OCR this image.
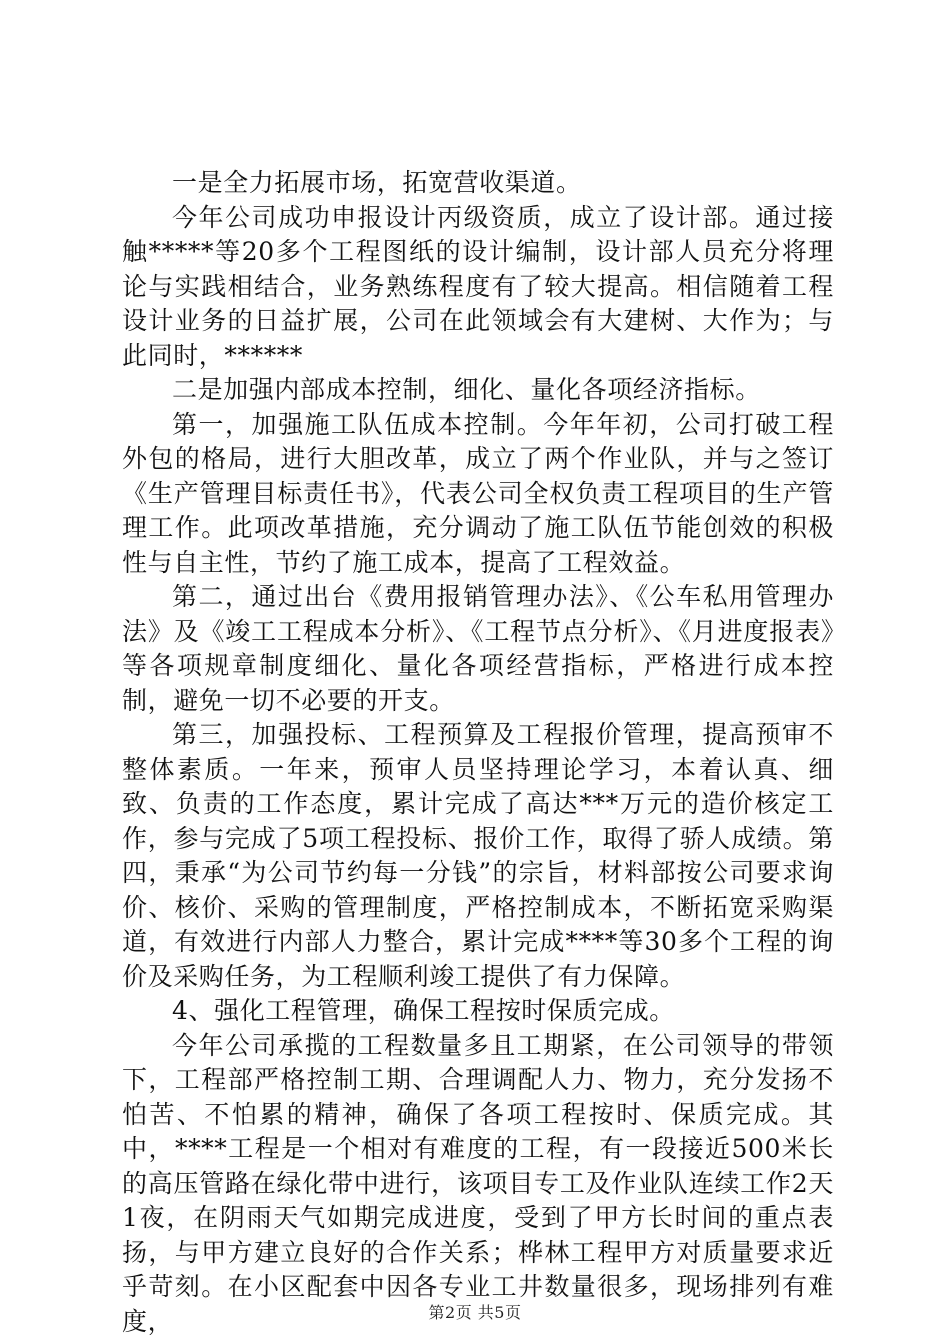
一是全力拓展市场，拓宽营收渠道。

今年公司成功申报设计丙级资质，成立了设计部。通过接触*****等20多个工程图纸的设计编制，设计部人员充分将理论与实践相结合，业务熟练程度有了较大提高。相信随着工程设计业务的日益扩展，公司在此领域会有大建树、大作为；与此同时，******

二是加强内部成本控制，细化、量化各项经济指标。

第一，加强施工队伍成本控制。今年年初，公司打破工程外包的格局，进行大胆改革，成立了两个作业队，并与之签订《生产管理目标责任书》，代表公司全权负责工程项目的生产管理工作。此项改革措施，充分调动了施工队伍节能创效的积极性与自主性，节约了施工成本，提高了工程效益。

第二，通过出台《费用报销管理办法》、《公车私用管理办法》及《竣工工程成本分析》、《工程节点分析》、《月进度报表》等各项规章制度细化、量化各项经营指标，严格进行成本控制，避免一切不必要的开支。

第三，加强投标、工程预算及工程报价管理，提高预审不整体素质。一年来，预审人员坚持理论学习，本着认真、细致、负责的工作态度，累计完成了高达***万元的造价核定工作，参与完成了5项工程投标、报价工作，取得了骄人成绩。第四，秉承“为公司节约每一分钱”的宗旨，材料部按公司要求询价、核价、采购的管理制度，严格控制成本，不断拓宽采购渠道，有效进行内部人力整合，累计完成****等30多个工程的询价及采购任务，为工程顺利竣工提供了有力保障。

4、强化工程管理，确保工程按时保质完成。

今年公司承揽的工程数量多且工期紧，在公司领导的带领下，工程部严格控制工期、合理调配人力、物力，充分发扬不怕苦、不怕累的精神，确保了各项工程按时、保质完成。其中，****工程是一个相对有难度的工程，有一段接近500米长的高压管路在绿化带中进行，该项目专工及作业队连续工作2天1夜，在阴雨天气如期完成进度，受到了甲方长时间的重点表扬，与甲方建立良好的合作关系；桦林工程甲方对质量要求近乎苛刻。在小区配套中因各专业工井数量很多，现场排列有难度，	第2页 共5页
